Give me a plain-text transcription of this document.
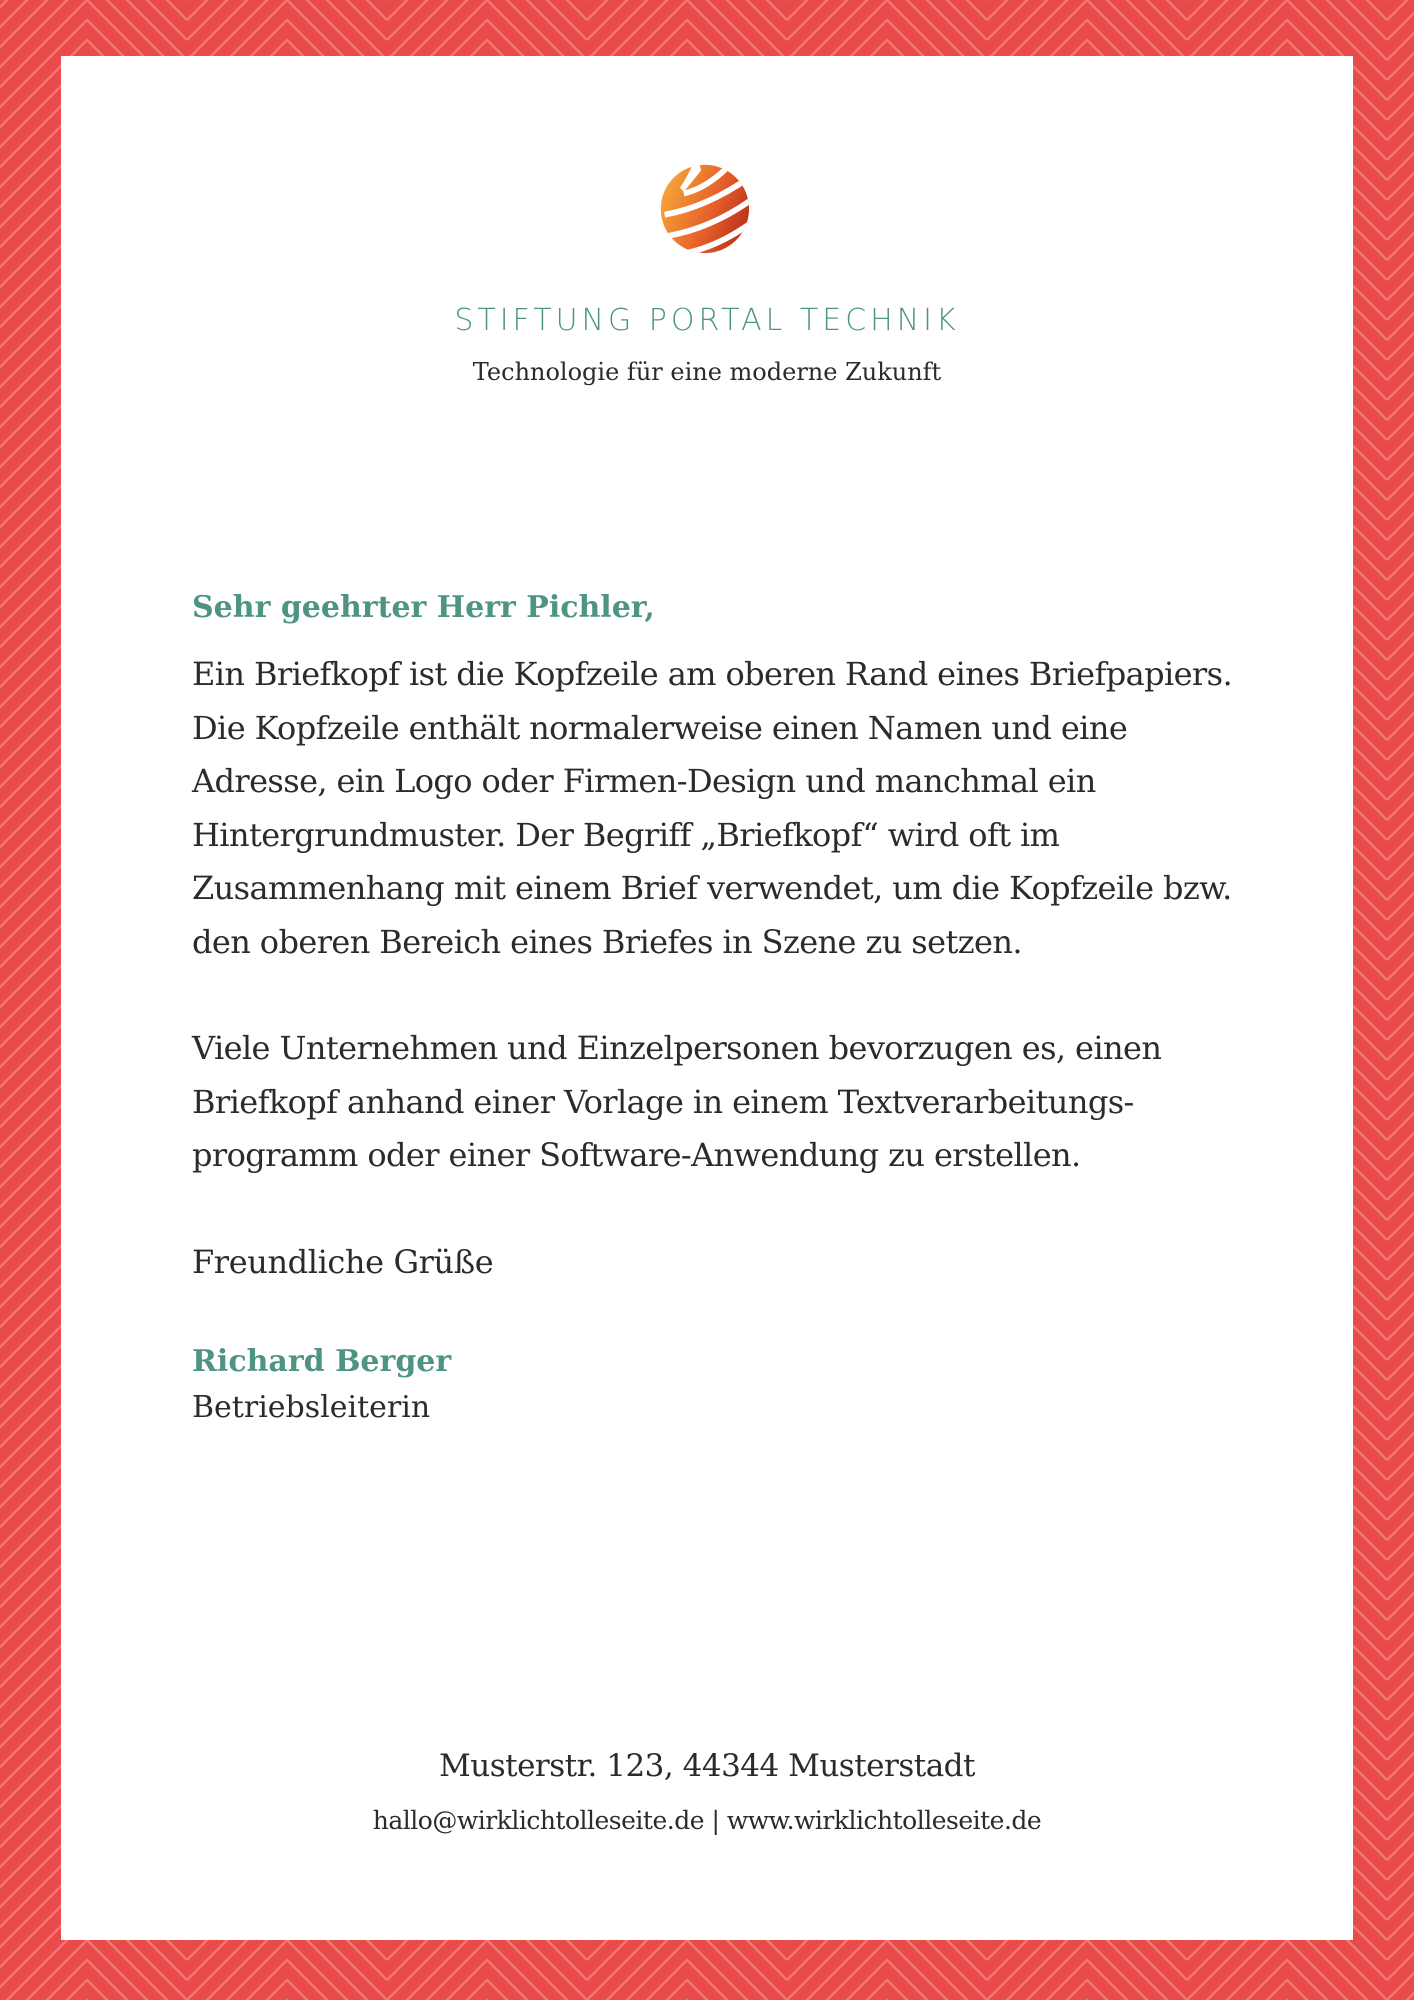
STIFTUNG PORTAL TECHNIK
Technologie für eine moderne Zukunft

Sehr geehrter Herr Pichler,

Ein Briefkopf ist die Kopfzeile am oberen Rand eines Briefpapiers. Die Kopfzeile enthält normalerweise einen Namen und eine Adresse, ein Logo oder Firmen-Design und manchmal ein Hintergrundmuster. Der Begriff „Briefkopf“ wird oft im Zusammenhang mit einem Brief verwendet, um die Kopfzeile bzw. den oberen Bereich eines Briefes in Szene zu setzen.

Viele Unternehmen und Einzelpersonen bevorzugen es, einen Briefkopf anhand einer Vorlage in einem Textverarbeitungs-programm oder einer Software-Anwendung zu erstellen.

Freundliche Grüße

Richard Berger

Betriebsleiterin

Musterstr. 123, 44344 Musterstadt
hallo@wirklichtolleseite.de | www.wirklichtolleseite.de
